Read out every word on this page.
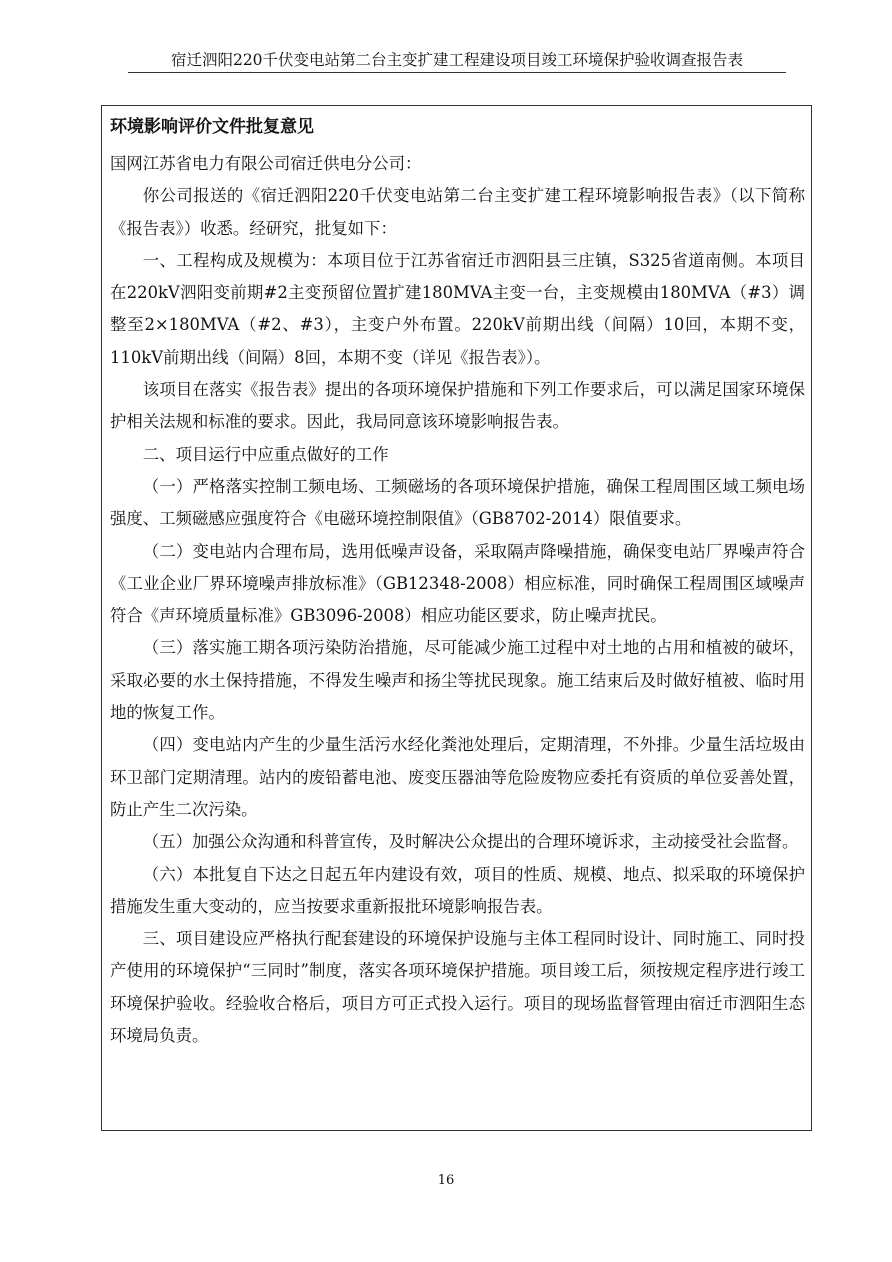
宿迁泗阳220千伏变电站第二台主变扩建工程建设项目竣工环境保护验收调查报告表
环境影响评价文件批复意见

国网江苏省电力有限公司宿迁供电分公司：

你公司报送的《宿迁泗阳220千伏变电站第二台主变扩建工程环境影响报告表》（以下简称《报告表》）收悉。经研究，批复如下：

一、工程构成及规模为：本项目位于江苏省宿迁市泗阳县三庄镇，S325省道南侧。本项目在220kV泗阳变前期#2主变预留位置扩建180MVA主变一台，主变规模由180MVA（#3）调整至2×180MVA（#2、#3），主变户外布置。220kV前期出线（间隔）10回，本期不变，110kV前期出线（间隔）8回，本期不变（详见《报告表》）。

该项目在落实《报告表》提出的各项环境保护措施和下列工作要求后，可以满足国家环境保护相关法规和标准的要求。因此，我局同意该环境影响报告表。

二、项目运行中应重点做好的工作

（一）严格落实控制工频电场、工频磁场的各项环境保护措施，确保工程周围区域工频电场强度、工频磁感应强度符合《电磁环境控制限值》（GB8702-2014）限值要求。

（二）变电站内合理布局，选用低噪声设备，采取隔声降噪措施，确保变电站厂界噪声符合《工业企业厂界环境噪声排放标准》（GB12348-2008）相应标准，同时确保工程周围区域噪声符合《声环境质量标准》GB3096-2008）相应功能区要求，防止噪声扰民。

（三）落实施工期各项污染防治措施，尽可能减少施工过程中对土地的占用和植被的破坏，采取必要的水土保持措施，不得发生噪声和扬尘等扰民现象。施工结束后及时做好植被、临时用地的恢复工作。

（四）变电站内产生的少量生活污水经化粪池处理后，定期清理，不外排。少量生活垃圾由环卫部门定期清理。站内的废铅蓄电池、废变压器油等危险废物应委托有资质的单位妥善处置，防止产生二次污染。

（五）加强公众沟通和科普宣传，及时解决公众提出的合理环境诉求，主动接受社会监督。

（六）本批复自下达之日起五年内建设有效，项目的性质、规模、地点、拟采取的环境保护措施发生重大变动的，应当按要求重新报批环境影响报告表。

三、项目建设应严格执行配套建设的环境保护设施与主体工程同时设计、同时施工、同时投产使用的环境保护“三同时”制度，落实各项环境保护措施。项目竣工后，须按规定程序进行竣工环境保护验收。经验收合格后，项目方可正式投入运行。项目的现场监督管理由宿迁市泗阳生态环境局负责。

16
